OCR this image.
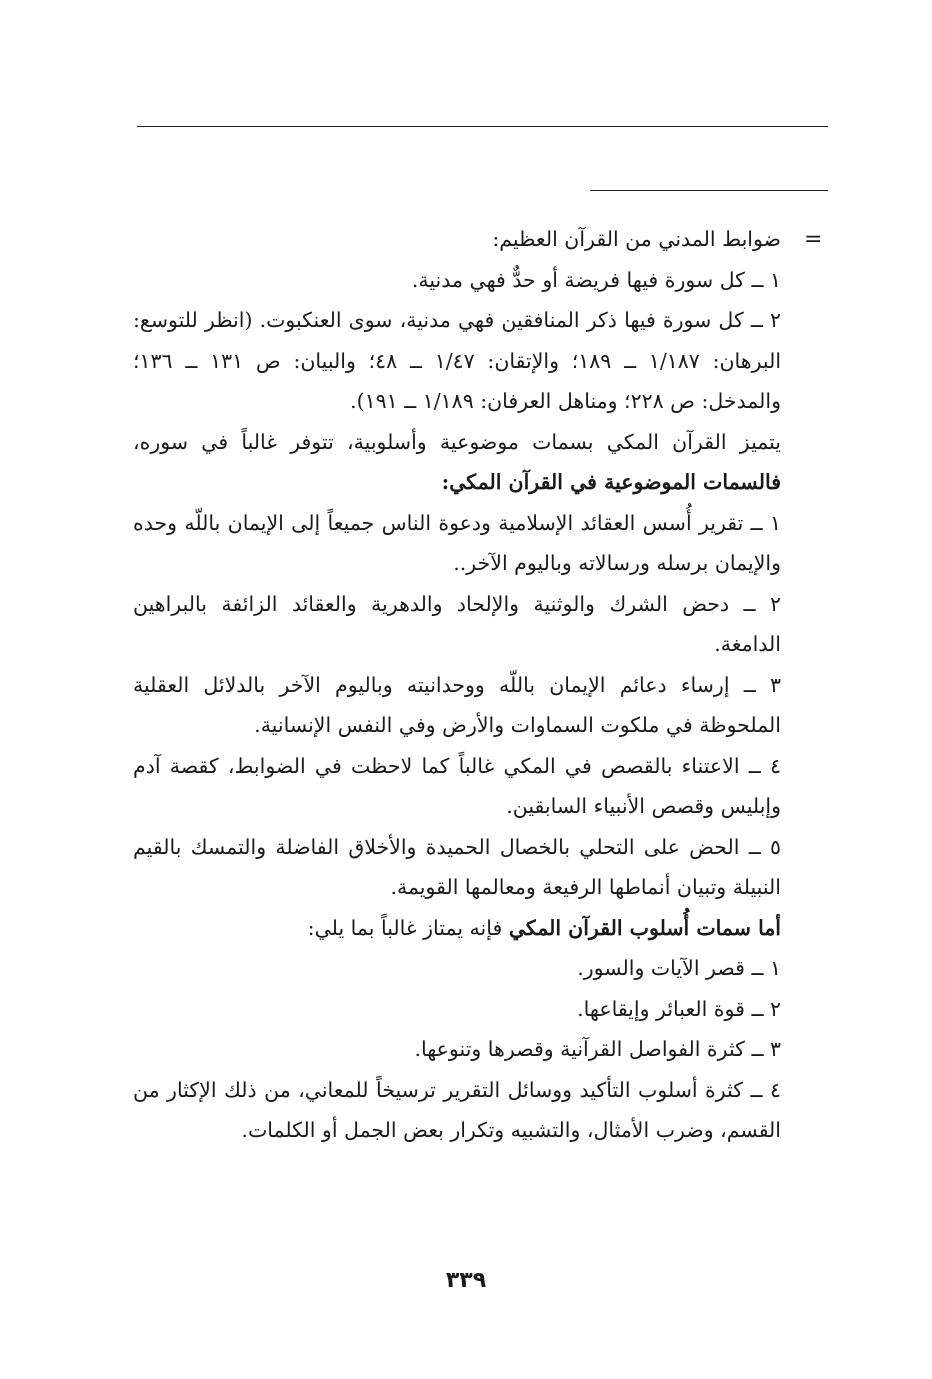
=

ضوابط المدني من القرآن العظيم:

١ ــ كل سورة فيها فريضة أو حدٌّ فهي مدنية.

٢ ــ كل سورة فيها ذكر المنافقين فهي مدنية، سوى العنكبوت. (انظر للتوسع: البرهان: ١/١٨٧ ــ ١٨٩؛ والإتقان: ١/٤٧ ــ ٤٨؛ والبيان: ص ١٣١ ــ ١٣٦؛ والمدخل: ص ٢٢٨؛ ومناهل العرفان: ١/١٨٩ ــ ١٩١).

يتميز القرآن المكي بسمات موضوعية وأسلوبية، تتوفر غالباً في سوره، فالسمات الموضوعية في القرآن المكي:

١ ــ تقرير أُسس العقائد الإسلامية ودعوة الناس جميعاً إلى الإيمان باللّه وحده والإيمان برسله ورسالاته وباليوم الآخر..

٢ ــ دحض الشرك والوثنية والإلحاد والدهرية والعقائد الزائفة بالبراهين الدامغة.

٣ ــ إرساء دعائم الإيمان باللّه ووحدانيته وباليوم الآخر بالدلائل العقلية الملحوظة في ملكوت السماوات والأرض وفي النفس الإنسانية.

٤ ــ الاعتناء بالقصص في المكي غالباً كما لاحظت في الضوابط، كقصة آدم وإبليس وقصص الأنبياء السابقين.

٥ ــ الحض على التحلي بالخصال الحميدة والأخلاق الفاضلة والتمسك بالقيم النبيلة وتبيان أنماطها الرفيعة ومعالمها القويمة.

أما سمات أُسلوب القرآن المكي فإنه يمتاز غالباً بما يلي:

١ ــ قصر الآيات والسور.

٢ ــ قوة العبائر وإيقاعها.

٣ ــ كثرة الفواصل القرآنية وقصرها وتنوعها.

٤ ــ كثرة أسلوب التأكيد ووسائل التقرير ترسيخاً للمعاني، من ذلك الإكثار من القسم، وضرب الأمثال، والتشبيه وتكرار بعض الجمل أو الكلمات.

٣٣٩
